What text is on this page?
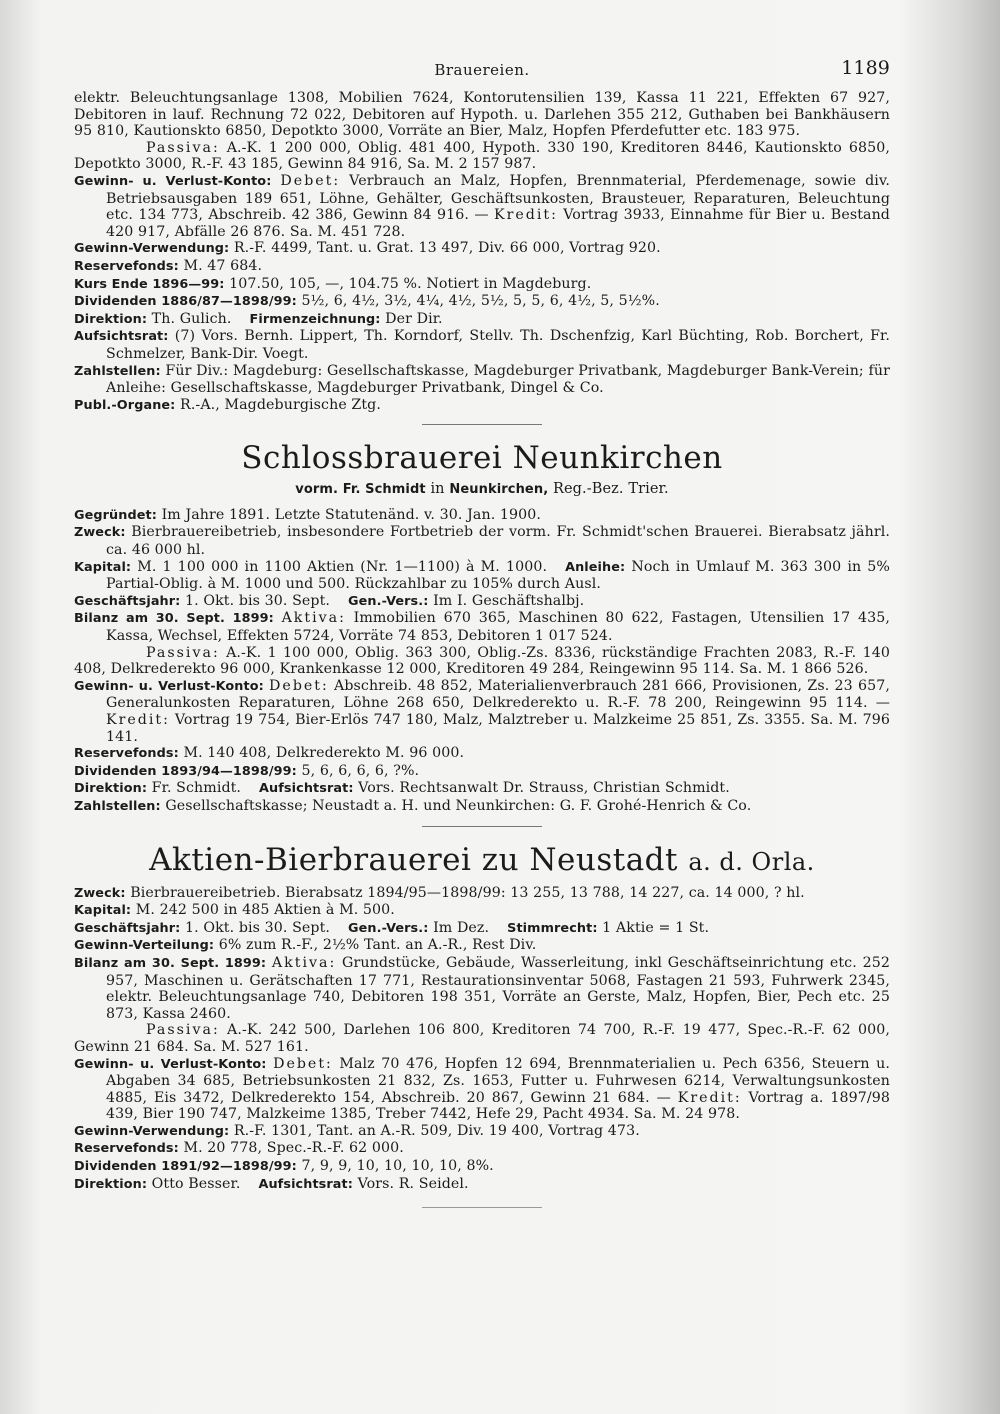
Brauereien.	1189

elektr. Beleuchtungsanlage 1308, Mobilien 7624, Kontorutensilien 139, Kassa 11 221, Effekten 67 927, Debitoren in lauf. Rechnung 72 022, Debitoren auf Hypoth. u. Darlehen 355 212, Guthaben bei Bankhäusern 95 810, Kautionskto 6850, Depotkto 3000, Vorräte an Bier, Malz, Hopfen Pferdefutter etc. 183 975.

Passiva: A.-K. 1 200 000, Oblig. 481 400, Hypoth. 330 190, Kreditoren 8446, Kautionskto 6850, Depotkto 3000, R.-F. 43 185, Gewinn 84 916, Sa. M. 2 157 987.

Gewinn- u. Verlust-Konto: Debet: Verbrauch an Malz, Hopfen, Brennmaterial, Pferdemenage, sowie div. Betriebsausgaben 189 651, Löhne, Gehälter, Geschäftsunkosten, Brausteuer, Reparaturen, Beleuchtung etc. 134 773, Abschreib. 42 386, Gewinn 84 916. — Kredit: Vortrag 3933, Einnahme für Bier u. Bestand 420 917, Abfälle 26 876. Sa. M. 451 728.

Gewinn-Verwendung: R.-F. 4499, Tant. u. Grat. 13 497, Div. 66 000, Vortrag 920.

Reservefonds: M. 47 684.

Kurs Ende 1896—99: 107.50, 105, —, 104.75 %. Notiert in Magdeburg.

Dividenden 1886/87—1898/99: 5½, 6, 4½, 3½, 4¼, 4½, 5½, 5, 5, 6, 4½, 5, 5½%.

Direktion: Th. Gulich. Firmenzeichnung: Der Dir.

Aufsichtsrat: (7) Vors. Bernh. Lippert, Th. Korndorf, Stellv. Th. Dschenfzig, Karl Büchting, Rob. Borchert, Fr. Schmelzer, Bank-Dir. Voegt.

Zahlstellen: Für Div.: Magdeburg: Gesellschaftskasse, Magdeburger Privatbank, Magdeburger Bank-Verein; für Anleihe: Gesellschaftskasse, Magdeburger Privatbank, Dingel & Co.

Publ.-Organe: R.-A., Magdeburgische Ztg.

Schlossbrauerei Neunkirchen
vorm. Fr. Schmidt in Neunkirchen, Reg.-Bez. Trier.

Gegründet: Im Jahre 1891. Letzte Statutenänd. v. 30. Jan. 1900.

Zweck: Bierbrauereibetrieb, insbesondere Fortbetrieb der vorm. Fr. Schmidt'schen Brauerei. Bierabsatz jährl. ca. 46 000 hl.

Kapital: M. 1 100 000 in 1100 Aktien (Nr. 1—1100) à M. 1000. Anleihe: Noch in Umlauf M. 363 300 in 5% Partial-Oblig. à M. 1000 und 500. Rückzahlbar zu 105% durch Ausl.

Geschäftsjahr: 1. Okt. bis 30. Sept. Gen.-Vers.: Im I. Geschäftshalbj.

Bilanz am 30. Sept. 1899: Aktiva: Immobilien 670 365, Maschinen 80 622, Fastagen, Utensilien 17 435, Kassa, Wechsel, Effekten 5724, Vorräte 74 853, Debitoren 1 017 524.

Passiva: A.-K. 1 100 000, Oblig. 363 300, Oblig.-Zs. 8336, rückständige Frachten 2083, R.-F. 140 408, Delkrederekto 96 000, Krankenkasse 12 000, Kreditoren 49 284, Reingewinn 95 114. Sa. M. 1 866 526.

Gewinn- u. Verlust-Konto: Debet: Abschreib. 48 852, Materialienverbrauch 281 666, Provisionen, Zs. 23 657, Generalunkosten Reparaturen, Löhne 268 650, Delkrederekto u. R.-F. 78 200, Reingewinn 95 114. — Kredit: Vortrag 19 754, Bier-Erlös 747 180, Malz, Malztreber u. Malzkeime 25 851, Zs. 3355. Sa. M. 796 141.

Reservefonds: M. 140 408, Delkrederekto M. 96 000.

Dividenden 1893/94—1898/99: 5, 6, 6, 6, 6, ?%.

Direktion: Fr. Schmidt. Aufsichtsrat: Vors. Rechtsanwalt Dr. Strauss, Christian Schmidt.

Zahlstellen: Gesellschaftskasse; Neustadt a. H. und Neunkirchen: G. F. Grohé-Henrich & Co.

Aktien-Bierbrauerei zu Neustadt a. d. Orla.

Zweck: Bierbrauereibetrieb. Bierabsatz 1894/95—1898/99: 13 255, 13 788, 14 227, ca. 14 000, ? hl.

Kapital: M. 242 500 in 485 Aktien à M. 500.

Geschäftsjahr: 1. Okt. bis 30. Sept. Gen.-Vers.: Im Dez. Stimmrecht: 1 Aktie = 1 St.

Gewinn-Verteilung: 6% zum R.-F., 2½% Tant. an A.-R., Rest Div.

Bilanz am 30. Sept. 1899: Aktiva: Grundstücke, Gebäude, Wasserleitung, inkl Geschäftseinrichtung etc. 252 957, Maschinen u. Gerätschaften 17 771, Restaurationsinventar 5068, Fastagen 21 593, Fuhrwerk 2345, elektr. Beleuchtungsanlage 740, Debitoren 198 351, Vorräte an Gerste, Malz, Hopfen, Bier, Pech etc. 25 873, Kassa 2460.

Passiva: A.-K. 242 500, Darlehen 106 800, Kreditoren 74 700, R.-F. 19 477, Spec.-R.-F. 62 000, Gewinn 21 684. Sa. M. 527 161.

Gewinn- u. Verlust-Konto: Debet: Malz 70 476, Hopfen 12 694, Brennmaterialien u. Pech 6356, Steuern u. Abgaben 34 685, Betriebsunkosten 21 832, Zs. 1653, Futter u. Fuhrwesen 6214, Verwaltungsunkosten 4885, Eis 3472, Delkrederekto 154, Abschreib. 20 867, Gewinn 21 684. — Kredit: Vortrag a. 1897/98 439, Bier 190 747, Malzkeime 1385, Treber 7442, Hefe 29, Pacht 4934. Sa. M. 24 978.

Gewinn-Verwendung: R.-F. 1301, Tant. an A.-R. 509, Div. 19 400, Vortrag 473.

Reservefonds: M. 20 778, Spec.-R.-F. 62 000.

Dividenden 1891/92—1898/99: 7, 9, 9, 10, 10, 10, 10, 8%.

Direktion: Otto Besser. Aufsichtsrat: Vors. R. Seidel.
